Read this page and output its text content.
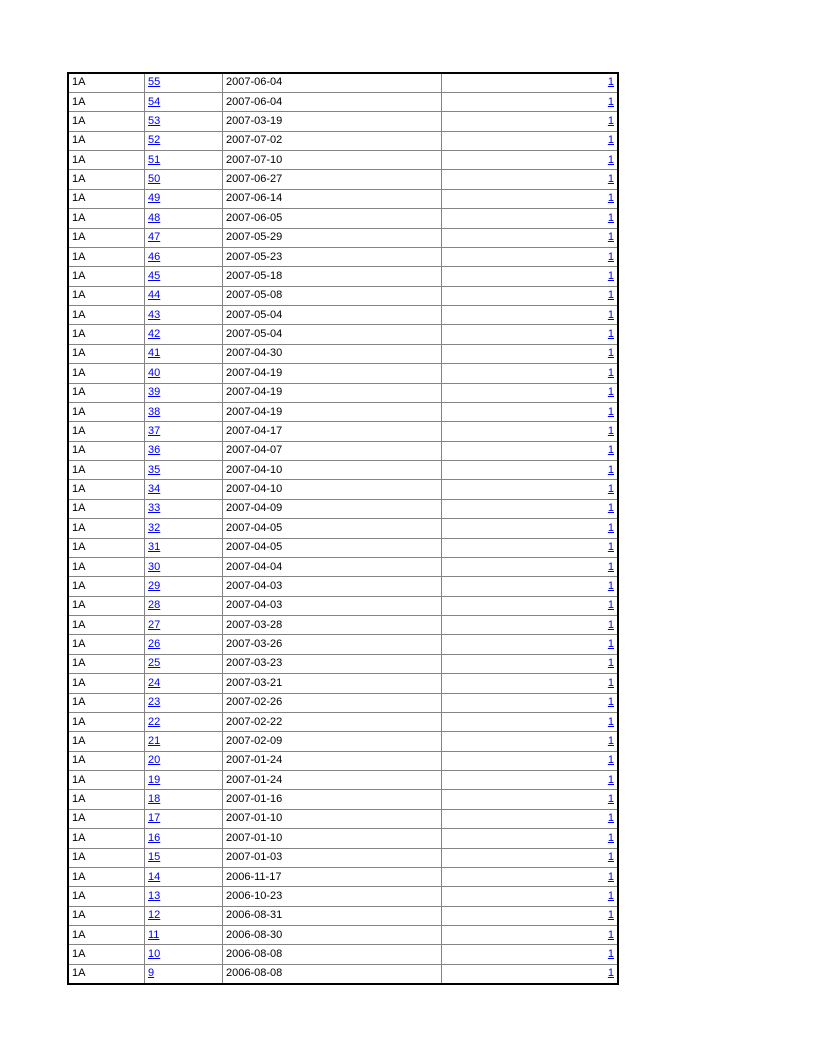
1A	55	2007-06-04	1
1A	54	2007-06-04	1
1A	53	2007-03-19	1
1A	52	2007-07-02	1
1A	51	2007-07-10	1
1A	50	2007-06-27	1
1A	49	2007-06-14	1
1A	48	2007-06-05	1
1A	47	2007-05-29	1
1A	46	2007-05-23	1
1A	45	2007-05-18	1
1A	44	2007-05-08	1
1A	43	2007-05-04	1
1A	42	2007-05-04	1
1A	41	2007-04-30	1
1A	40	2007-04-19	1
1A	39	2007-04-19	1
1A	38	2007-04-19	1
1A	37	2007-04-17	1
1A	36	2007-04-07	1
1A	35	2007-04-10	1
1A	34	2007-04-10	1
1A	33	2007-04-09	1
1A	32	2007-04-05	1
1A	31	2007-04-05	1
1A	30	2007-04-04	1
1A	29	2007-04-03	1
1A	28	2007-04-03	1
1A	27	2007-03-28	1
1A	26	2007-03-26	1
1A	25	2007-03-23	1
1A	24	2007-03-21	1
1A	23	2007-02-26	1
1A	22	2007-02-22	1
1A	21	2007-02-09	1
1A	20	2007-01-24	1
1A	19	2007-01-24	1
1A	18	2007-01-16	1
1A	17	2007-01-10	1
1A	16	2007-01-10	1
1A	15	2007-01-03	1
1A	14	2006-11-17	1
1A	13	2006-10-23	1
1A	12	2006-08-31	1
1A	11	2006-08-30	1
1A	10	2006-08-08	1
1A	9	2006-08-08	1
